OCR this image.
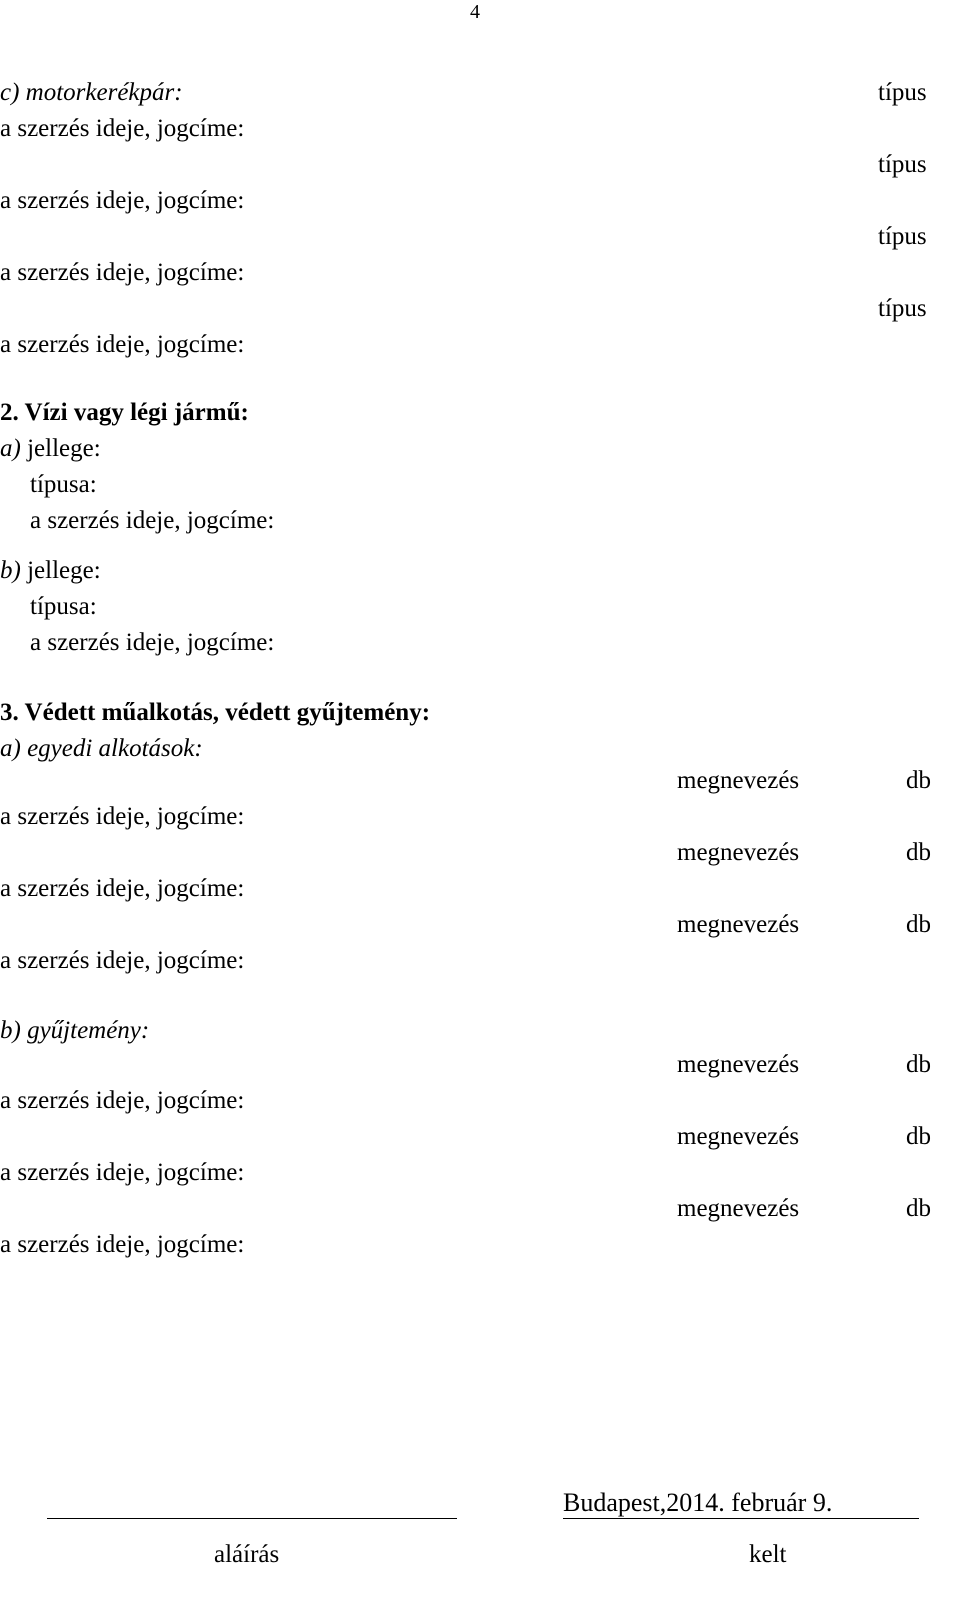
4
c) motorkerékpár:	típus
a szerzés ideje, jogcíme:
típus
a szerzés ideje, jogcíme:
típus
a szerzés ideje, jogcíme:
típus
a szerzés ideje, jogcíme:
2. Vízi vagy légi jármű:
a) jellege:
típusa:
a szerzés ideje, jogcíme:
b) jellege:
típusa:
a szerzés ideje, jogcíme:
3. Védett műalkotás, védett gyűjtemény:
a) egyedi alkotások:
megnevezés	db
a szerzés ideje, jogcíme:
megnevezés	db
a szerzés ideje, jogcíme:
megnevezés	db
a szerzés ideje, jogcíme:
b) gyűjtemény:
megnevezés	db
a szerzés ideje, jogcíme:
megnevezés	db
a szerzés ideje, jogcíme:
megnevezés	db
a szerzés ideje, jogcíme:
aláírás
Budapest,2014. február 9.
kelt
